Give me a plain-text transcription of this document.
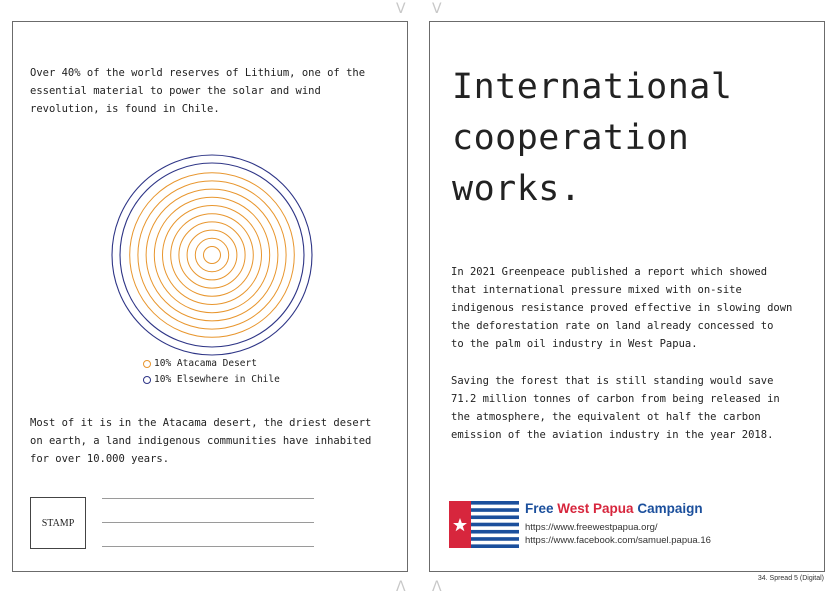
V V
Λ Λ
Over 40% of the world reserves of Lithium, one of the
essential material to power the solar and wind
revolution, is found in Chile.
10% Atacama Desert
10% Elsewhere in Chile
Most of it is in the Atacama desert, the driest desert
on earth, a land indigenous communities have inhabited
for over 10.000 years.
STAMP
International
cooperation
works.
In 2021 Greenpeace published a report which showed
that international pressure mixed with on-site
indigenous resistance proved effective in slowing down
the deforestation rate on land already concessed to
to the palm oil industry in West Papua.
Saving the forest that is still standing would save
71.2 million tonnes of carbon from being released in
the atmosphere, the equivalent ot half the carbon
emission of the aviation industry in the year 2018.
Free West Papua Campaign
https://www.freewestpapua.org/
https://www.facebook.com/samuel.papua.16
34. Spread 5 (Digital)
